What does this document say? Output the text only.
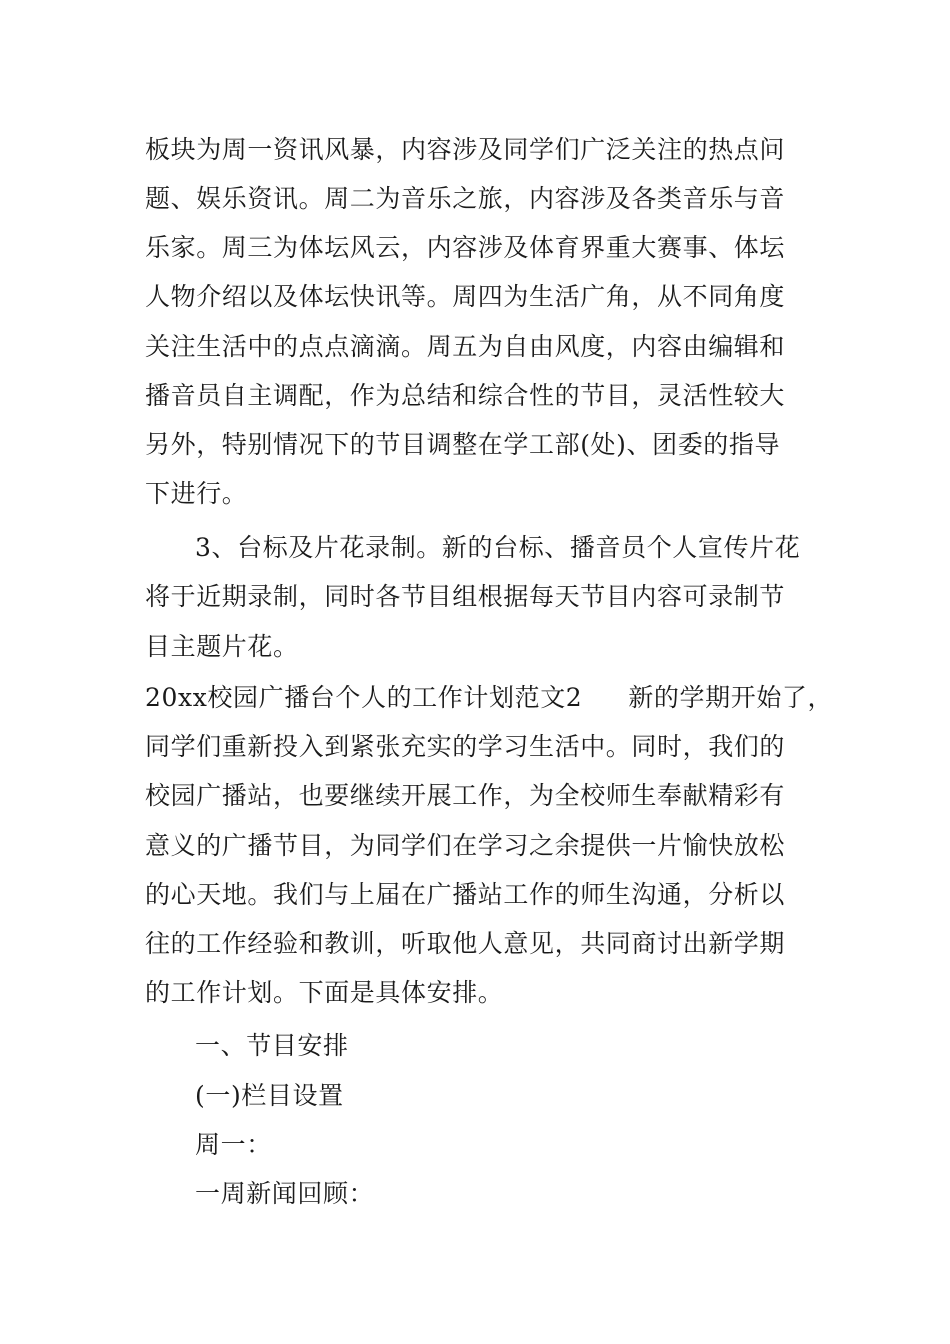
板块为周一资讯风暴，内容涉及同学们广泛关注的热点问
题、娱乐资讯。周二为音乐之旅，内容涉及各类音乐与音
乐家。周三为体坛风云，内容涉及体育界重大赛事、体坛
人物介绍以及体坛快讯等。周四为生活广角，从不同角度
关注生活中的点点滴滴。周五为自由风度，内容由编辑和
播音员自主调配，作为总结和综合性的节目，灵活性较大
另外，特别情况下的节目调整在学工部(处)、团委的指导
下进行。
3、台标及片花录制。新的台标、播音员个人宣传片花
将于近期录制，同时各节目组根据每天节目内容可录制节
目主题片花。
20xx校园广播台个人的工作计划范文2 新的学期开始了，
同学们重新投入到紧张充实的学习生活中。同时，我们的
校园广播站，也要继续开展工作，为全校师生奉献精彩有
意义的广播节目，为同学们在学习之余提供一片愉快放松
的心天地。我们与上届在广播站工作的师生沟通，分析以
往的工作经验和教训，听取他人意见，共同商讨出新学期
的工作计划。下面是具体安排。
一、节目安排
(一)栏目设置
周一：
一周新闻回顾：
